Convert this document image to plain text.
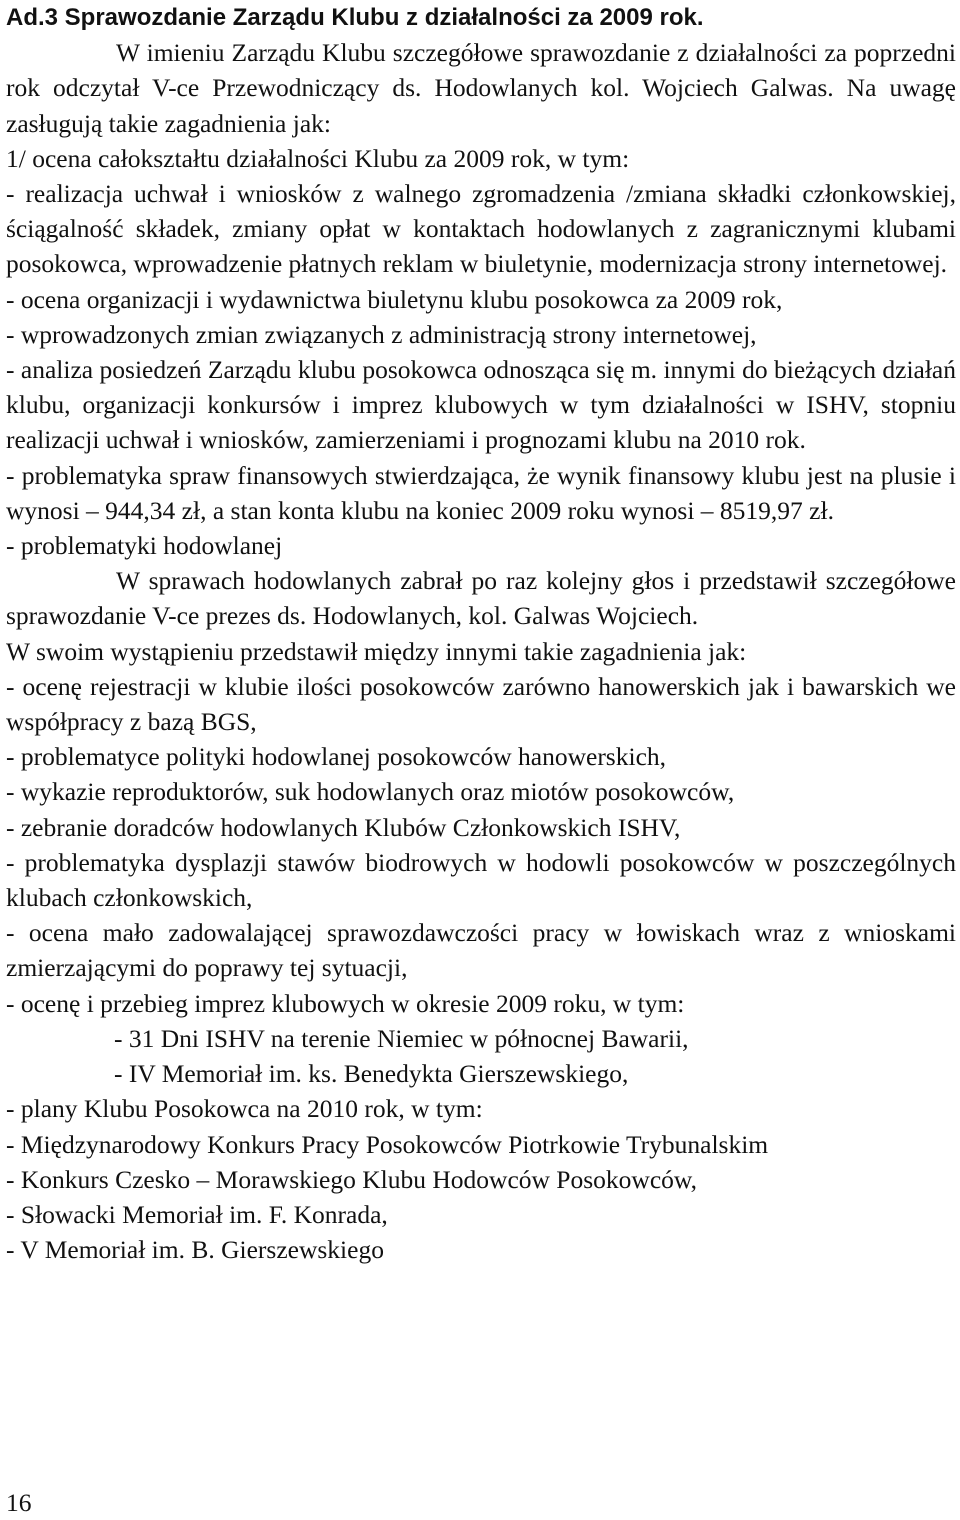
Ad.3 Sprawozdanie Zarządu Klubu z działalności za 2009 rok.

W imieniu Zarządu Klubu szczegółowe sprawozdanie z działalności za poprzedni rok odczytał V-ce Przewodniczący ds. Hodowlanych kol. Wojciech Galwas. Na uwagę zasługują takie zagadnienia jak:

1/ ocena całokształtu działalności Klubu za 2009 rok, w tym:

- realizacja uchwał i wniosków z walnego zgromadzenia /zmiana składki członkowskiej, ściągalność składek, zmiany opłat w kontaktach hodowlanych z zagranicznymi klubami posokowca, wprowadzenie płatnych reklam w biuletynie, modernizacja strony internetowej.

- ocena organizacji i wydawnictwa biuletynu klubu posokowca za 2009 rok,

- wprowadzonych zmian związanych z administracją strony internetowej,

- analiza posiedzeń Zarządu klubu posokowca odnosząca się m. innymi do bieżących działań klubu, organizacji konkursów i imprez klubowych w tym działalności w ISHV, stopniu realizacji uchwał i wniosków, zamierzeniami i prognozami klubu na 2010 rok.

- problematyka spraw finansowych stwierdzająca, że wynik finansowy klubu jest na plusie i wynosi – 944,34 zł, a stan konta klubu na koniec 2009 roku wynosi – 8519,97 zł.

- problematyki hodowlanej

W sprawach hodowlanych zabrał po raz kolejny głos i przedstawił szczegółowe sprawozdanie V-ce prezes ds. Hodowlanych, kol. Galwas Wojciech.

W swoim wystąpieniu przedstawił między innymi takie zagadnienia jak:

- ocenę rejestracji w klubie ilości posokowców zarówno hanowerskich jak i bawarskich we współpracy z bazą BGS,

- problematyce polityki hodowlanej posokowców hanowerskich,

- wykazie reproduktorów, suk hodowlanych oraz miotów posokowców,

- zebranie doradców hodowlanych Klubów Członkowskich ISHV,

- problematyka dysplazji stawów biodrowych w hodowli posokowców w poszczególnych klubach członkowskich,

- ocena mało zadowalającej sprawozdawczości pracy w łowiskach wraz z wnioskami zmierzającymi do poprawy tej sytuacji,

- ocenę i przebieg imprez klubowych w okresie 2009 roku, w tym:

- 31 Dni ISHV na terenie Niemiec w północnej Bawarii,

- IV Memoriał im. ks. Benedykta Gierszewskiego,

- plany Klubu Posokowca na 2010 rok, w tym:

- Międzynarodowy Konkurs Pracy Posokowców Piotrkowie Trybunalskim

- Konkurs Czesko – Morawskiego Klubu Hodowców Posokowców,

- Słowacki Memoriał im. F. Konrada,

- V Memoriał im. B. Gierszewskiego

16
